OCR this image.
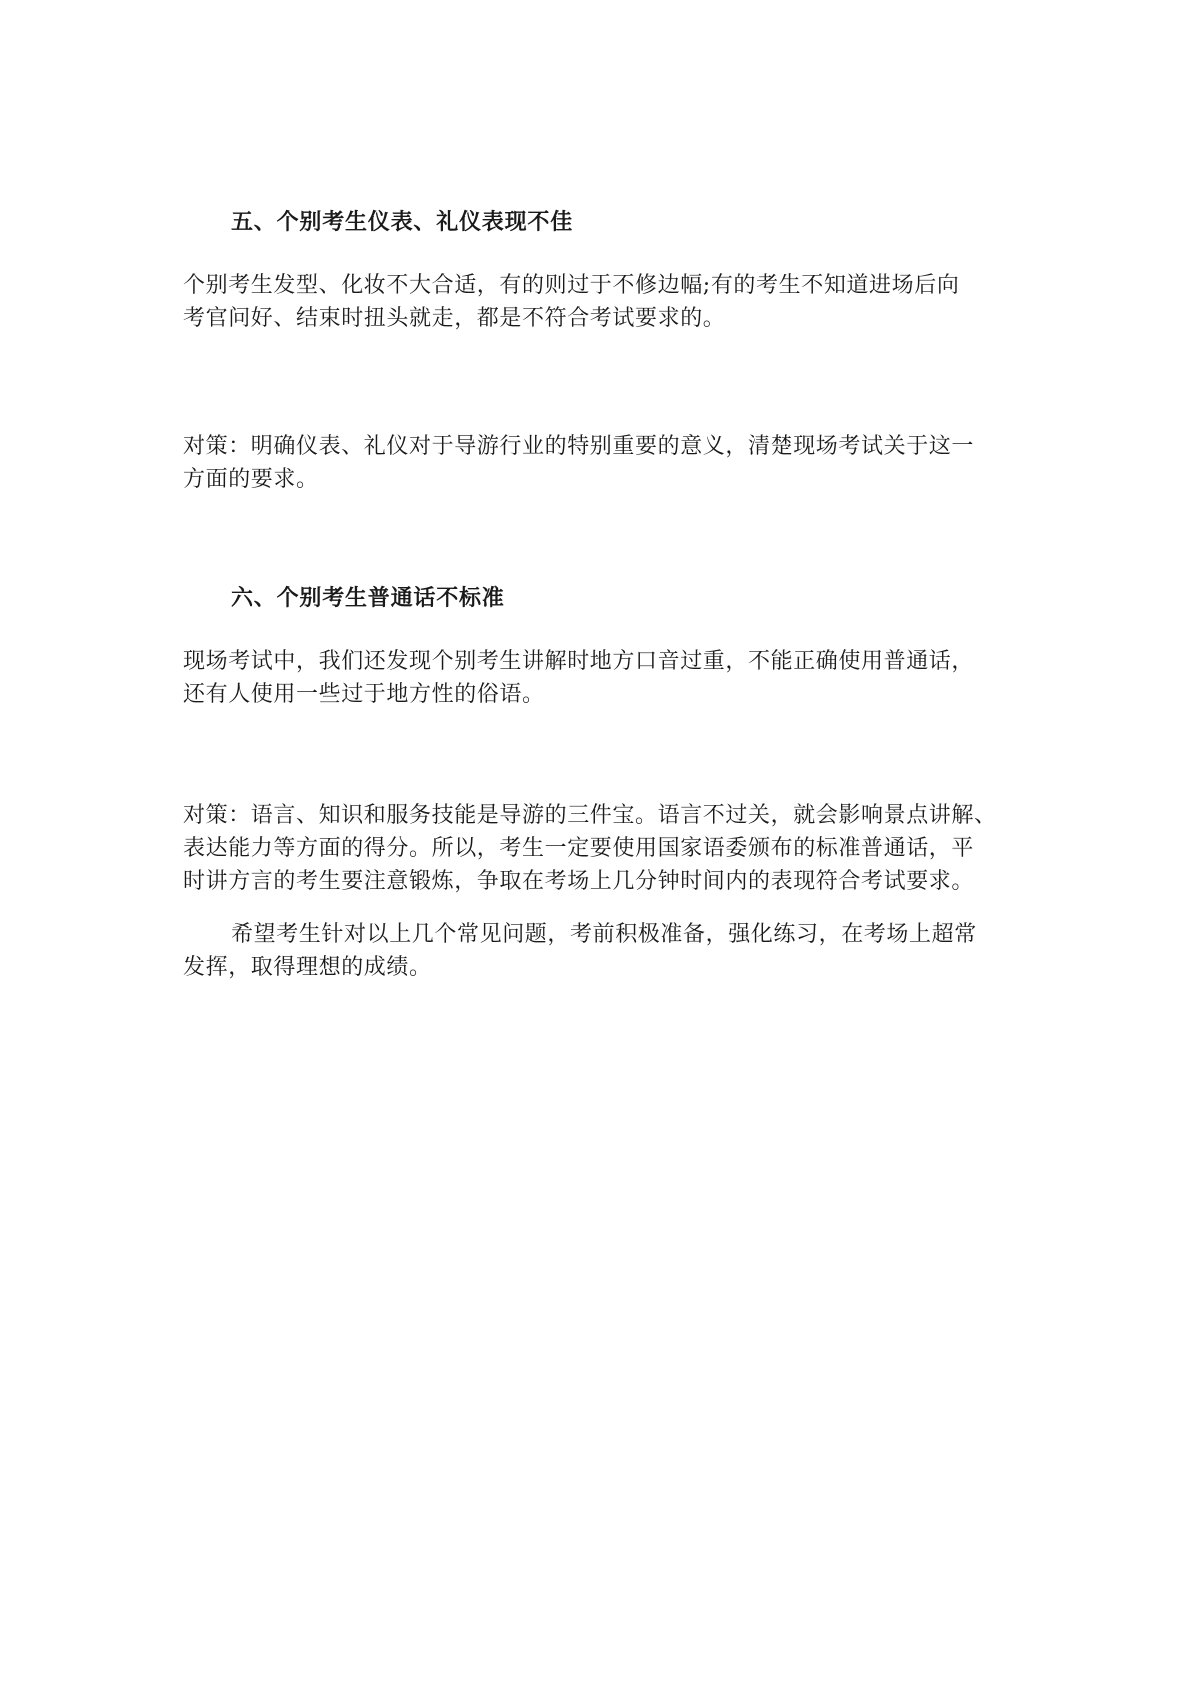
五、个别考生仪表、礼仪表现不佳

个别考生发型、化妆不大合适，有的则过于不修边幅;有的考生不知道进场后向
考官问好、结束时扭头就走，都是不符合考试要求的。

对策：明确仪表、礼仪对于导游行业的特别重要的意义，清楚现场考试关于这一
方面的要求。

六、个别考生普通话不标准

现场考试中，我们还发现个别考生讲解时地方口音过重，不能正确使用普通话，
还有人使用一些过于地方性的俗语。

对策：语言、知识和服务技能是导游的三件宝。语言不过关，就会影响景点讲解、
表达能力等方面的得分。所以，考生一定要使用国家语委颁布的标准普通话，平
时讲方言的考生要注意锻炼，争取在考场上几分钟时间内的表现符合考试要求。

希望考生针对以上几个常见问题，考前积极准备，强化练习，在考场上超常
发挥，取得理想的成绩。
